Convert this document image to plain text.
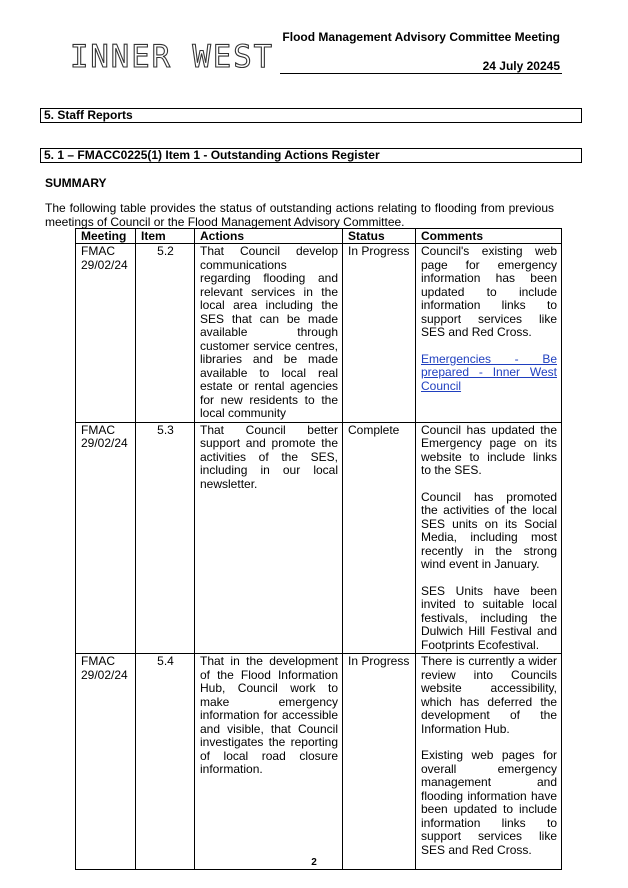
INNER WEST
Flood Management Advisory Committee Meeting
24 July 20245
5. Staff Reports
5. 1 – FMACC0225(1) Item 1 - Outstanding Actions Register
SUMMARY
The following table provides the status of outstanding actions relating to flooding from previous meetings of Council or the Flood Management Advisory Committee.
Meeting	Item	Actions	Status	Comments

FMAC
29/02/24	5.2	That Council develop communications regarding flooding and relevant services in the local area including the SES that can be made available through customer service centres, libraries and be made available to local real estate or rental agencies for new residents to the local community	In Progress	Council's existing web page for emergency information has been updated to include information links to support services like SES and Red Cross.
Emergencies - Be prepared - Inner West Council

FMAC
29/02/24	5.3	That Council better support and promote the activities of the SES, including in our local newsletter.	Complete	Council has updated the Emergency page on its website to include links to the SES.
Council has promoted the activities of the local SES units on its Social Media, including most recently in the strong wind event in January.
SES Units have been invited to suitable local festivals, including the Dulwich Hill Festival and Footprints Ecofestival.

FMAC
29/02/24	5.4	That in the development of the Flood Information Hub, Council work to make emergency information for accessible and visible, that Council investigates the reporting of local road closure information.	In Progress	There is currently a wider review into Councils website accessibility, which has deferred the development of the Information Hub.
Existing web pages for overall emergency management and flooding information have been updated to include information links to support services like SES and Red Cross.
2
